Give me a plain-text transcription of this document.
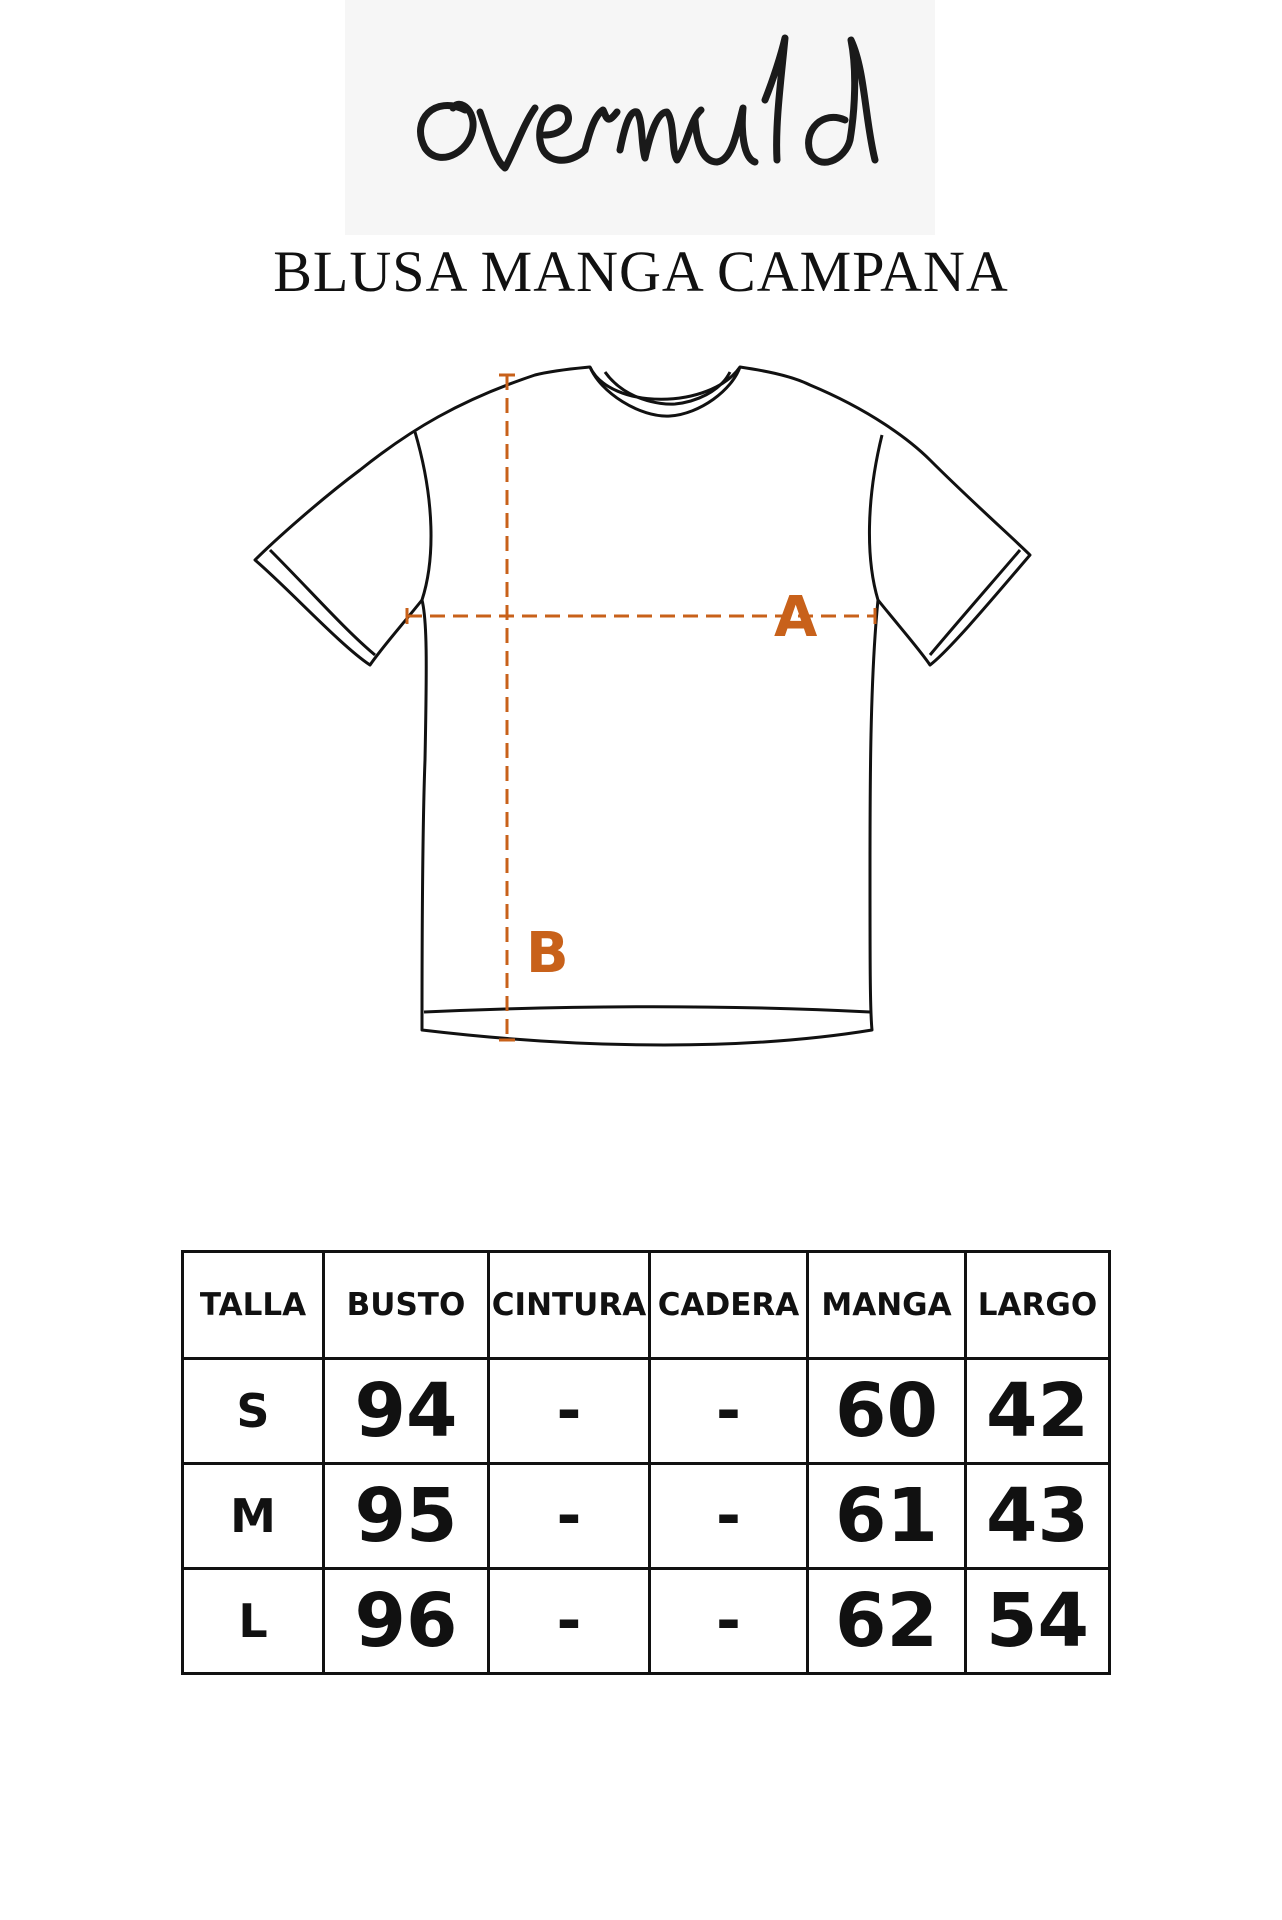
BLUSA MANGA CAMPANA
A
B
TALLA	BUSTO	CINTURA	CADERA	MANGA	LARGO
S	94	-	-	60	42
M	95	-	-	61	43
L	96	-	-	62	54
